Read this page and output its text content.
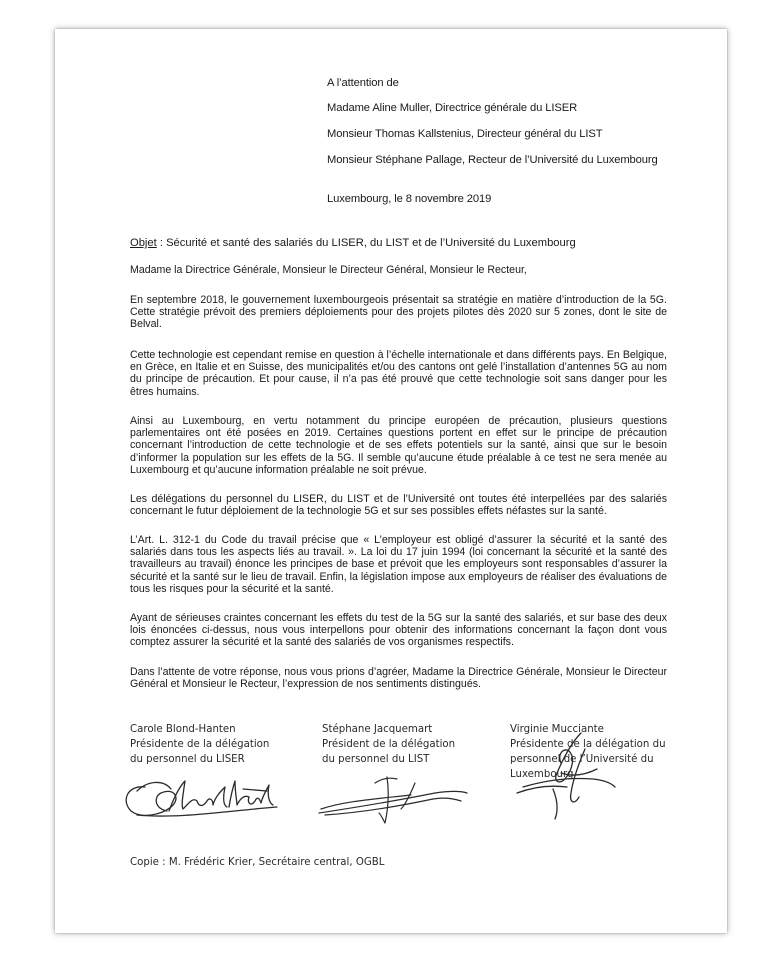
A l’attention de
Madame Aline Muller, Directrice générale du LISER
Monsieur Thomas Kallstenius, Directeur général du LIST
Monsieur Stéphane Pallage, Recteur de l’Université du Luxembourg
Luxembourg, le 8 novembre 2019
Objet : Sécurité et santé des salariés du LISER, du LIST et de l’Université du Luxembourg
Madame la Directrice Générale, Monsieur le Directeur Général, Monsieur le Recteur,
En septembre 2018, le gouvernement luxembourgeois présentait sa stratégie en matière d’introduction de la 5G. Cette stratégie prévoit des premiers déploiements pour des projets pilotes dès 2020 sur 5 zones, dont le site de Belval.
Cette technologie est cependant remise en question à l’échelle internationale et dans différents pays. En Belgique, en Grèce, en Italie et en Suisse, des municipalités et/ou des cantons ont gelé l’installation d’antennes 5G au nom du principe de précaution. Et pour cause, il n’a pas été prouvé que cette technologie soit sans danger pour les êtres humains.
Ainsi au Luxembourg, en vertu notamment du principe européen de précaution, plusieurs questions parlementaires ont été posées en 2019. Certaines questions portent en effet sur le principe de précaution concernant l’introduction de cette technologie et de ses effets potentiels sur la santé, ainsi que sur le besoin d’informer la population sur les effets de la 5G. Il semble qu’aucune étude préalable à ce test ne sera menée au Luxembourg et qu’aucune information préalable ne soit prévue.
Les délégations du personnel du LISER, du LIST et de l’Université ont toutes été interpellées par des salariés concernant le futur déploiement de la technologie 5G et sur ses possibles effets néfastes sur la santé.
L’Art. L. 312-1 du Code du travail précise que « L’employeur est obligé d’assurer la sécurité et la santé des salariés dans tous les aspects liés au travail. ». La loi du 17 juin 1994 (loi concernant la sécurité et la santé des travailleurs au travail) énonce les principes de base et prévoit que les employeurs sont responsables d’assurer la sécurité et la santé sur le lieu de travail. Enfin, la législation impose aux employeurs de réaliser des évaluations de tous les risques pour la sécurité et la santé.
Ayant de sérieuses craintes concernant les effets du test de la 5G sur la santé des salariés, et sur base des deux lois énoncées ci-dessus, nous vous interpellons pour obtenir des informations concernant la façon dont vous comptez assurer la sécurité et la santé des salariés de vos organismes respectifs.
Dans l’attente de votre réponse, nous vous prions d’agréer, Madame la Directrice Générale, Monsieur le Directeur Général et Monsieur le Recteur, l’expression de nos sentiments distingués.
Carole Blond-Hanten
Présidente de la délégation
du personnel du LISER
Stéphane Jacquemart
Président de la délégation
du personnel du LIST
Virginie Mucciante
Présidente de la délégation du
personnel de l’Université du
Luxembourg
Copie : M. Frédéric Krier, Secrétaire central, OGBL
